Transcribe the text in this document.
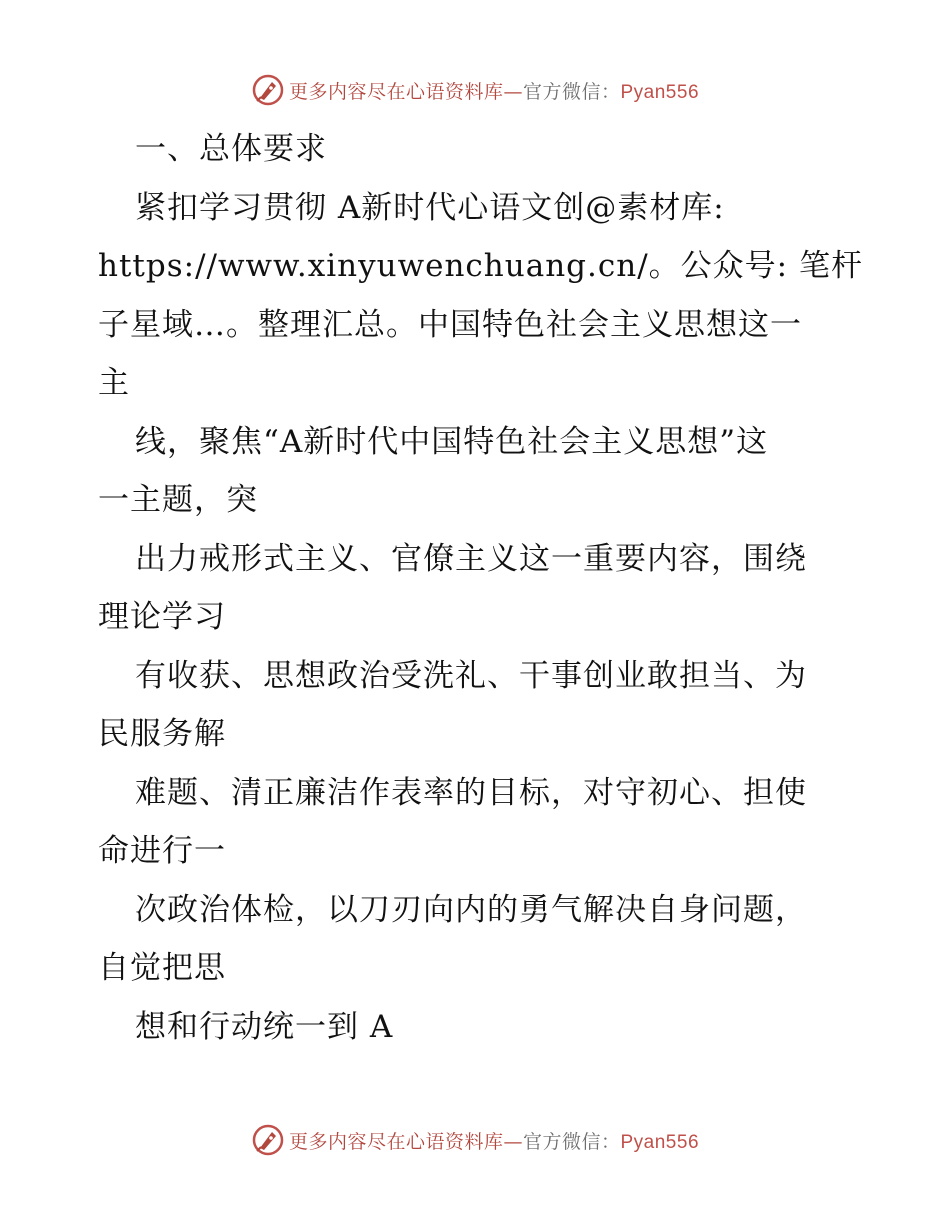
更多内容尽在心语资料库—官方微信：Pyan556
一、总体要求
紧扣学习贯彻 A新时代心语文创@素材库:
https://www.xinyuwenchuang.cn/。公众号: 笔杆
子星域…。整理汇总。中国特色社会主义思想这一
主
线，聚焦“A新时代中国特色社会主义思想”这
一主题，突
出力戒形式主义、官僚主义这一重要内容，围绕
理论学习
有收获、思想政治受洗礼、干事创业敢担当、为
民服务解
难题、清正廉洁作表率的目标，对守初心、担使
命进行一
次政治体检，以刀刃向内的勇气解决自身问题，
自觉把思
想和行动统一到 A
更多内容尽在心语资料库—官方微信：Pyan556
